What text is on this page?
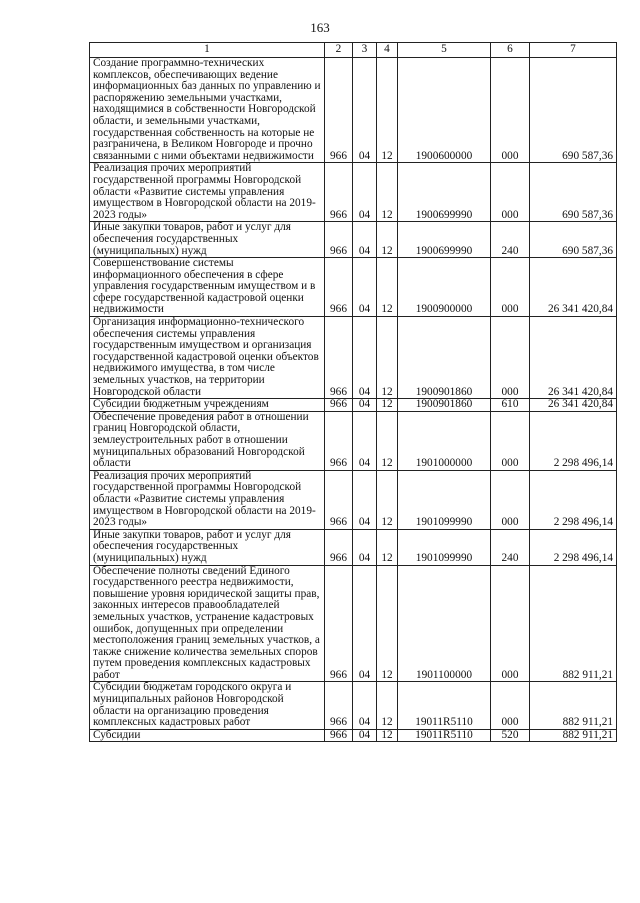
163
1	2	3	4	5	6	7
Создание программно-технических комплексов, обеспечивающих ведение информационных баз данных по управлению и распоряжению земельными участками, находящимися в собственности Новгородской области, и земельными участками, государственная собственность на которые не разграничена, в Великом Новгороде и прочно связанными с ними объектами недвижимости	966	04	12	1900600000	000	690 587,36
Реализация прочих мероприятий государственной программы Новгородской области «Развитие системы управления имуществом в Новгородской области на 2019-2023 годы»	966	04	12	1900699990	000	690 587,36
Иные закупки товаров, работ и услуг для обеспечения государственных (муниципальных) нужд	966	04	12	1900699990	240	690 587,36
Совершенствование системы информационного обеспечения в сфере управления государственным имуществом и в сфере государственной кадастровой оценки недвижимости	966	04	12	1900900000	000	26 341 420,84
Организация информационно-технического обеспечения системы управления государственным имуществом и организация государственной кадастровой оценки объектов недвижимого имущества, в том числе земельных участков, на территории Новгородской области	966	04	12	1900901860	000	26 341 420,84
Субсидии бюджетным учреждениям	966	04	12	1900901860	610	26 341 420,84
Обеспечение проведения работ в отношении границ Новгородской области, землеустроительных работ в отношении муниципальных образований Новгородской области	966	04	12	1901000000	000	2 298 496,14
Реализация прочих мероприятий государственной программы Новгородской области «Развитие системы управления имуществом в Новгородской области на 2019-2023 годы»	966	04	12	1901099990	000	2 298 496,14
Иные закупки товаров, работ и услуг для обеспечения государственных (муниципальных) нужд	966	04	12	1901099990	240	2 298 496,14
Обеспечение полноты сведений Единого государственного реестра недвижимости, повышение уровня юридической защиты прав, законных интересов правообладателей земельных участков, устранение кадастровых ошибок, допущенных при определении местоположения границ земельных участков, а также снижение количества земельных споров путем проведения комплексных кадастровых работ	966	04	12	1901100000	000	882 911,21
Субсидии бюджетам городского округа и муниципальных районов Новгородской области на организацию проведения комплексных кадастровых работ	966	04	12	19011R5110	000	882 911,21
Субсидии	966	04	12	19011R5110	520	882 911,21
